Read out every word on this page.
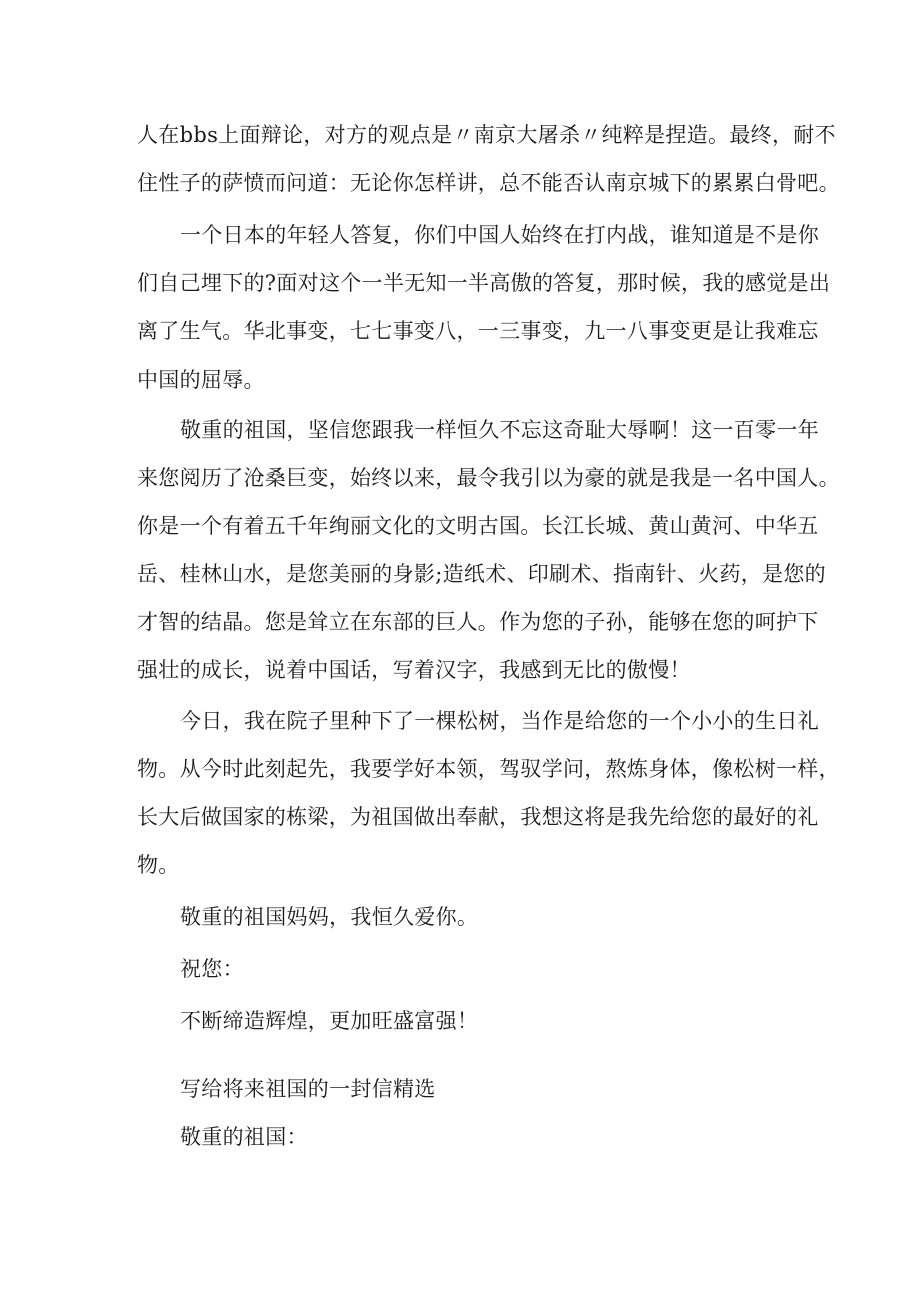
人在bbs上面辩论，对方的观点是〃南京大屠杀〃纯粹是捏造。最终，耐不
住性子的萨愤而问道：无论你怎样讲，总不能否认南京城下的累累白骨吧。
一个日本的年轻人答复，你们中国人始终在打内战，谁知道是不是你
们自己埋下的?面对这个一半无知一半高傲的答复，那时候，我的感觉是出
离了生气。华北事变，七七事变八，一三事变，九一八事变更是让我难忘
中国的屈辱。
敬重的祖国，坚信您跟我一样恒久不忘这奇耻大辱啊！这一百零一年
来您阅历了沧桑巨变，始终以来，最令我引以为豪的就是我是一名中国人。
你是一个有着五千年绚丽文化的文明古国。长江长城、黄山黄河、中华五
岳、桂林山水，是您美丽的身影;造纸术、印刷术、指南针、火药，是您的
才智的结晶。您是耸立在东部的巨人。作为您的子孙，能够在您的呵护下
强壮的成长，说着中国话，写着汉字，我感到无比的傲慢！
今日，我在院子里种下了一棵松树，当作是给您的一个小小的生日礼
物。从今时此刻起先，我要学好本领，驾驭学问，熬炼身体，像松树一样，
长大后做国家的栋梁，为祖国做出奉献，我想这将是我先给您的最好的礼
物。
敬重的祖国妈妈，我恒久爱你。
祝您：
不断缔造辉煌，更加旺盛富强！
写给将来祖国的一封信精选
敬重的祖国：
